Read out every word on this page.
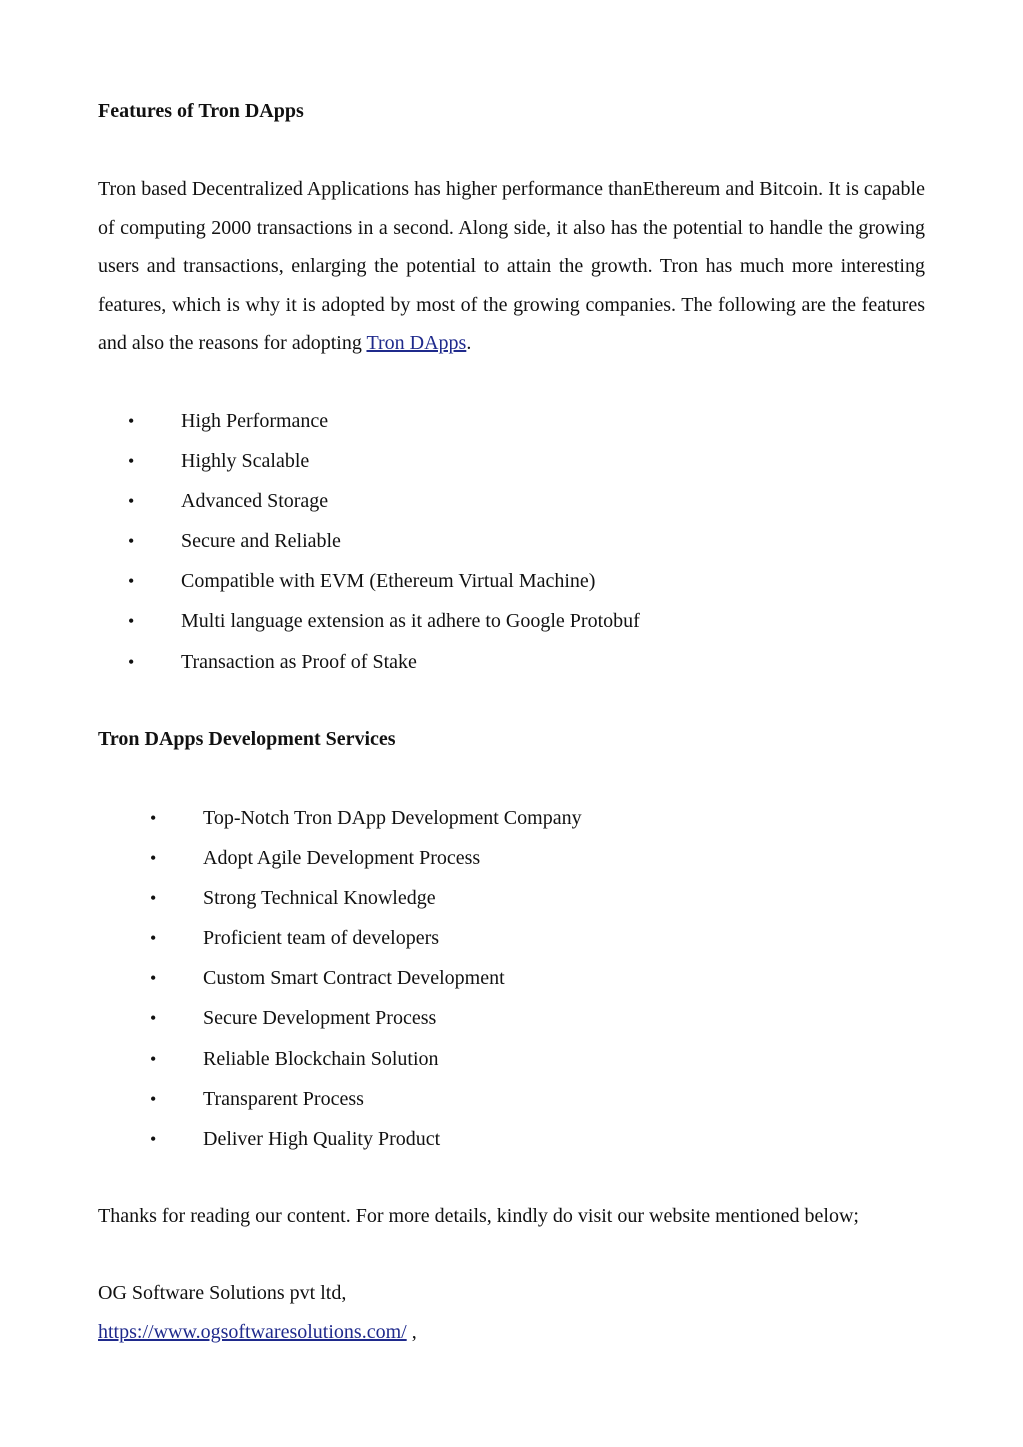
Features of Tron DApps

Tron based Decentralized Applications has higher performance thanEthereum and Bitcoin. It is capable of computing 2000 transactions in a second. Along side, it also has the potential to handle the growing users and transactions, enlarging the potential to attain the growth. Tron has much more interesting features, which is why it is adopted by most of the growing companies. The following are the features and also the reasons for adopting Tron DApps.

• High Performance
• Highly Scalable
• Advanced Storage
• Secure and Reliable
• Compatible with EVM (Ethereum Virtual Machine)
• Multi language extension as it adhere to Google Protobuf
• Transaction as Proof of Stake
Tron DApps Development Services
• Top-Notch Tron DApp Development Company
• Adopt Agile Development Process
• Strong Technical Knowledge
• Proficient team of developers
• Custom Smart Contract Development
• Secure Development Process
• Reliable Blockchain Solution
• Transparent Process
• Deliver High Quality Product

Thanks for reading our content. For more details, kindly do visit our website mentioned below;

OG Software Solutions pvt ltd,

https://www.ogsoftwaresolutions.com/ ,
